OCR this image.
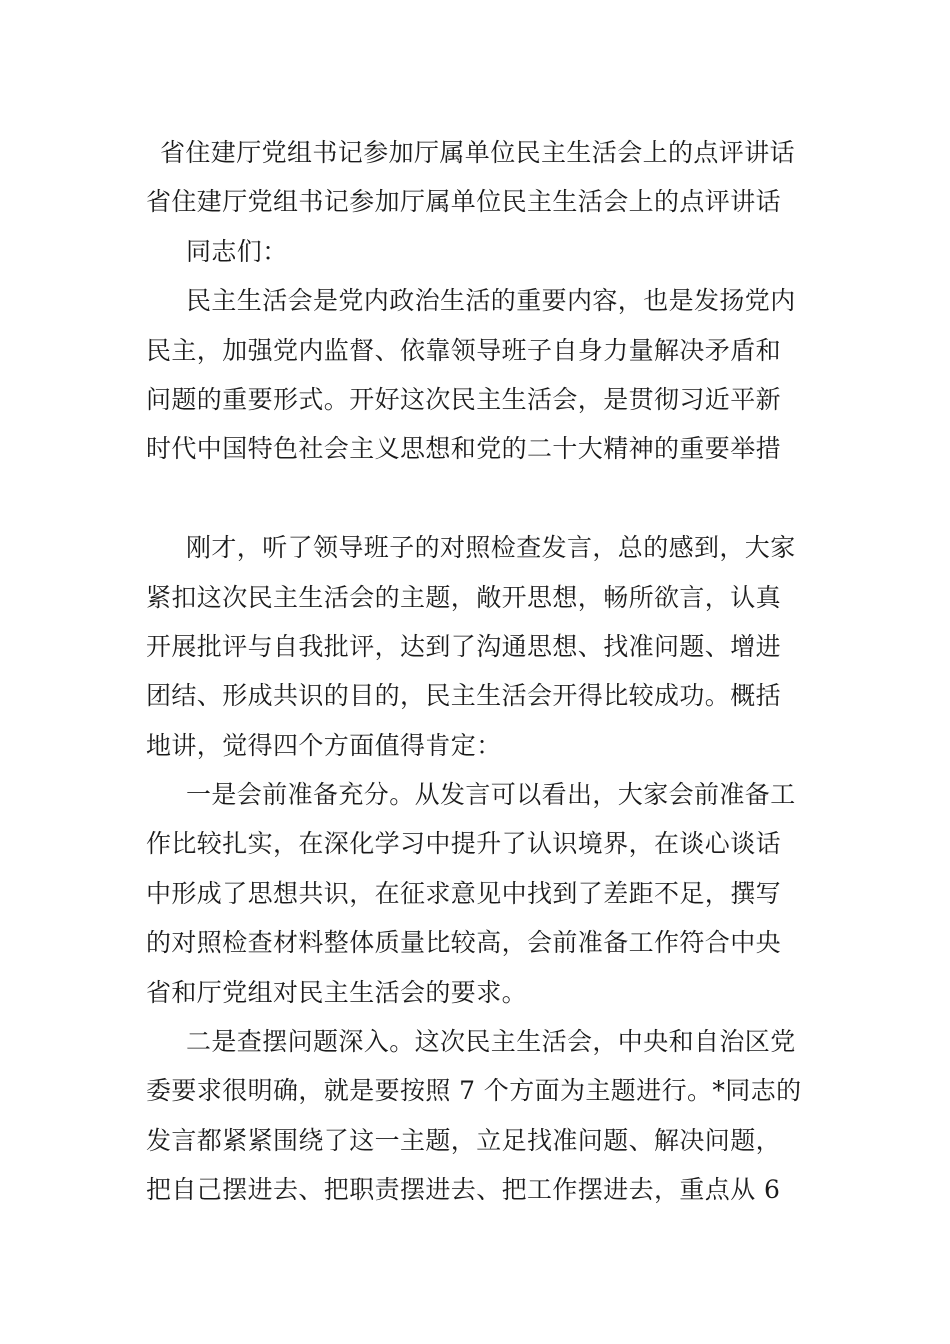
省住建厅党组书记参加厅属单位民主生活会上的点评讲话
省住建厅党组书记参加厅属单位民主生活会上的点评讲话
同志们：
民主生活会是党内政治生活的重要内容，也是发扬党内
民主，加强党内监督、依靠领导班子自身力量解决矛盾和
问题的重要形式。开好这次民主生活会，是贯彻习近平新
时代中国特色社会主义思想和党的二十大精神的重要举措
刚才，听了领导班子的对照检查发言，总的感到，大家
紧扣这次民主生活会的主题，敞开思想，畅所欲言，认真
开展批评与自我批评，达到了沟通思想、找准问题、增进
团结、形成共识的目的，民主生活会开得比较成功。概括
地讲，觉得四个方面值得肯定：
一是会前准备充分。从发言可以看出，大家会前准备工
作比较扎实，在深化学习中提升了认识境界，在谈心谈话
中形成了思想共识，在征求意见中找到了差距不足，撰写
的对照检查材料整体质量比较高，会前准备工作符合中央
省和厅党组对民主生活会的要求。
二是查摆问题深入。这次民主生活会，中央和自治区党
委要求很明确，就是要按照 7 个方面为主题进行。*同志的
发言都紧紧围绕了这一主题，立足找准问题、解决问题，
把自己摆进去、把职责摆进去、把工作摆进去，重点从 6
